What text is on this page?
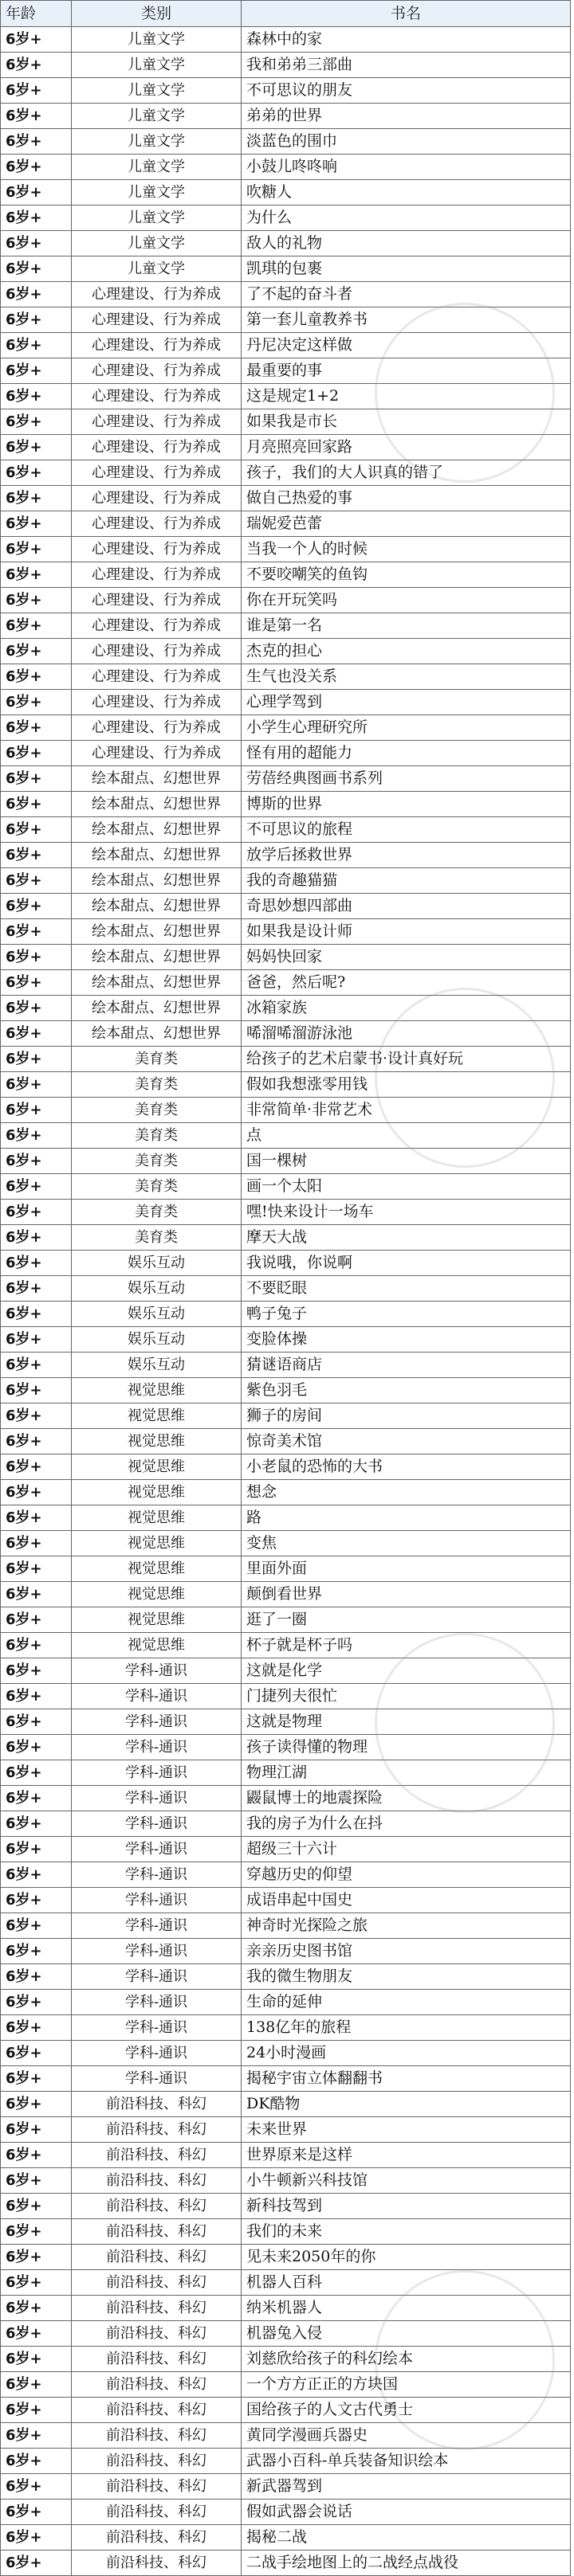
年龄	类别	书名
6岁+	儿童文学	森林中的家
6岁+	儿童文学	我和弟弟三部曲
6岁+	儿童文学	不可思议的朋友
6岁+	儿童文学	弟弟的世界
6岁+	儿童文学	淡蓝色的围巾
6岁+	儿童文学	小鼓儿咚咚响
6岁+	儿童文学	吹糖人
6岁+	儿童文学	为什么
6岁+	儿童文学	敌人的礼物
6岁+	儿童文学	凯琪的包裹
6岁+	心理建设、行为养成	了不起的奋斗者
6岁+	心理建设、行为养成	第一套儿童教养书
6岁+	心理建设、行为养成	丹尼决定这样做
6岁+	心理建设、行为养成	最重要的事
6岁+	心理建设、行为养成	这是规定1+2
6岁+	心理建设、行为养成	如果我是市长
6岁+	心理建设、行为养成	月亮照亮回家路
6岁+	心理建设、行为养成	孩子，我们的大人识真的错了
6岁+	心理建设、行为养成	做自己热爱的事
6岁+	心理建设、行为养成	瑞妮爱芭蕾
6岁+	心理建设、行为养成	当我一个人的时候
6岁+	心理建设、行为养成	不要咬嘲笑的鱼钩
6岁+	心理建设、行为养成	你在开玩笑吗
6岁+	心理建设、行为养成	谁是第一名
6岁+	心理建设、行为养成	杰克的担心
6岁+	心理建设、行为养成	生气也没关系
6岁+	心理建设、行为养成	心理学驾到
6岁+	心理建设、行为养成	小学生心理研究所
6岁+	心理建设、行为养成	怪有用的超能力
6岁+	绘本甜点、幻想世界	劳蓓经典图画书系列
6岁+	绘本甜点、幻想世界	博斯的世界
6岁+	绘本甜点、幻想世界	不可思议的旅程
6岁+	绘本甜点、幻想世界	放学后拯救世界
6岁+	绘本甜点、幻想世界	我的奇趣猫猫
6岁+	绘本甜点、幻想世界	奇思妙想四部曲
6岁+	绘本甜点、幻想世界	如果我是设计师
6岁+	绘本甜点、幻想世界	妈妈快回家
6岁+	绘本甜点、幻想世界	爸爸，然后呢?
6岁+	绘本甜点、幻想世界	冰箱家族
6岁+	绘本甜点、幻想世界	唏溜唏溜游泳池
6岁+	美育类	给孩子的艺术启蒙书·设计真好玩
6岁+	美育类	假如我想涨零用钱
6岁+	美育类	非常简单·非常艺术
6岁+	美育类	点
6岁+	美育类	国一棵树
6岁+	美育类	画一个太阳
6岁+	美育类	嘿!快来设计一场车
6岁+	美育类	摩天大战
6岁+	娱乐互动	我说哦，你说啊
6岁+	娱乐互动	不要眨眼
6岁+	娱乐互动	鸭子兔子
6岁+	娱乐互动	变脸体操
6岁+	娱乐互动	猜谜语商店
6岁+	视觉思维	紫色羽毛
6岁+	视觉思维	狮子的房间
6岁+	视觉思维	惊奇美术馆
6岁+	视觉思维	小老鼠的恐怖的大书
6岁+	视觉思维	想念
6岁+	视觉思维	路
6岁+	视觉思维	变焦
6岁+	视觉思维	里面外面
6岁+	视觉思维	颠倒看世界
6岁+	视觉思维	逛了一圈
6岁+	视觉思维	杯子就是杯子吗
6岁+	学科-通识	这就是化学
6岁+	学科-通识	门捷列夫很忙
6岁+	学科-通识	这就是物理
6岁+	学科-通识	孩子读得懂的物理
6岁+	学科-通识	物理江湖
6岁+	学科-通识	鼹鼠博士的地震探险
6岁+	学科-通识	我的房子为什么在抖
6岁+	学科-通识	超级三十六计
6岁+	学科-通识	穿越历史的仰望
6岁+	学科-通识	成语串起中国史
6岁+	学科-通识	神奇时光探险之旅
6岁+	学科-通识	亲亲历史图书馆
6岁+	学科-通识	我的微生物朋友
6岁+	学科-通识	生命的延伸
6岁+	学科-通识	138亿年的旅程
6岁+	学科-通识	24小时漫画
6岁+	学科-通识	揭秘宇宙立体翻翻书
6岁+	前沿科技、科幻	DK酷物
6岁+	前沿科技、科幻	未来世界
6岁+	前沿科技、科幻	世界原来是这样
6岁+	前沿科技、科幻	小牛顿新兴科技馆
6岁+	前沿科技、科幻	新科技驾到
6岁+	前沿科技、科幻	我们的未来
6岁+	前沿科技、科幻	见未来2050年的你
6岁+	前沿科技、科幻	机器人百科
6岁+	前沿科技、科幻	纳米机器人
6岁+	前沿科技、科幻	机器兔入侵
6岁+	前沿科技、科幻	刘慈欣给孩子的科幻绘本
6岁+	前沿科技、科幻	一个方方正正的方块国
6岁+	前沿科技、科幻	国给孩子的人文古代勇士
6岁+	前沿科技、科幻	黄同学漫画兵器史
6岁+	前沿科技、科幻	武器小百科-单兵装备知识绘本
6岁+	前沿科技、科幻	新武器驾到
6岁+	前沿科技、科幻	假如武器会说话
6岁+	前沿科技、科幻	揭秘二战
6岁+	前沿科技、科幻	二战手绘地图上的二战经点战役
